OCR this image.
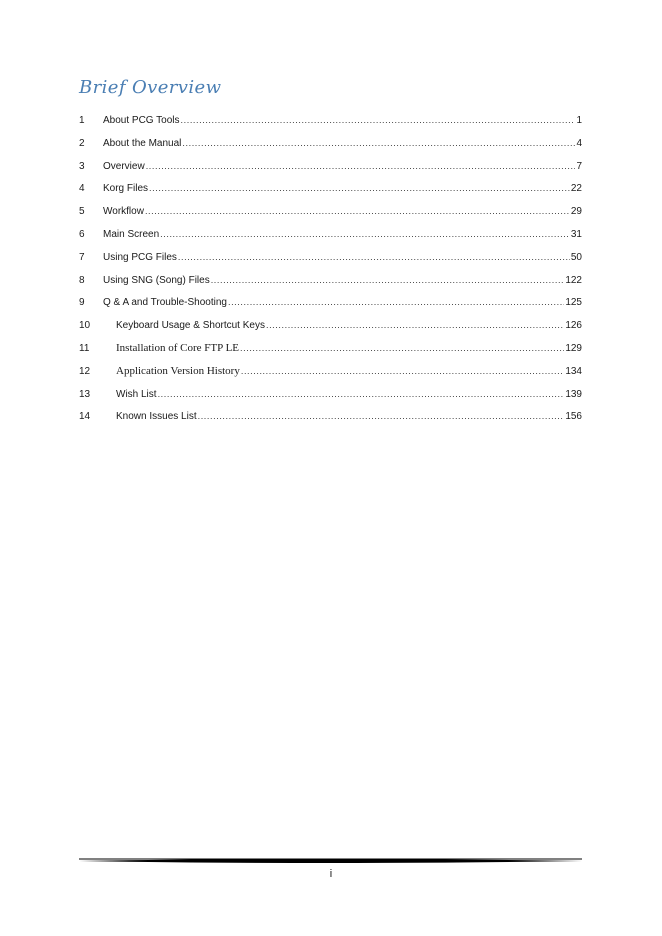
Brief Overview
1	About PCG Tools .....	1
2	About the Manual .....	4
3	Overview .....	7
4	Korg Files .....	22
5	Workflow .....	29
6	Main Screen .....	31
7	Using PCG Files .....	50
8	Using SNG (Song) Files .....	122
9	Q & A and Trouble-Shooting .....	125
10	Keyboard Usage & Shortcut Keys .....	126
11	Installation of Core FTP LE .....	129
12	Application Version History .....	134
13	Wish List .....	139
14	Known Issues List .....	156
i
